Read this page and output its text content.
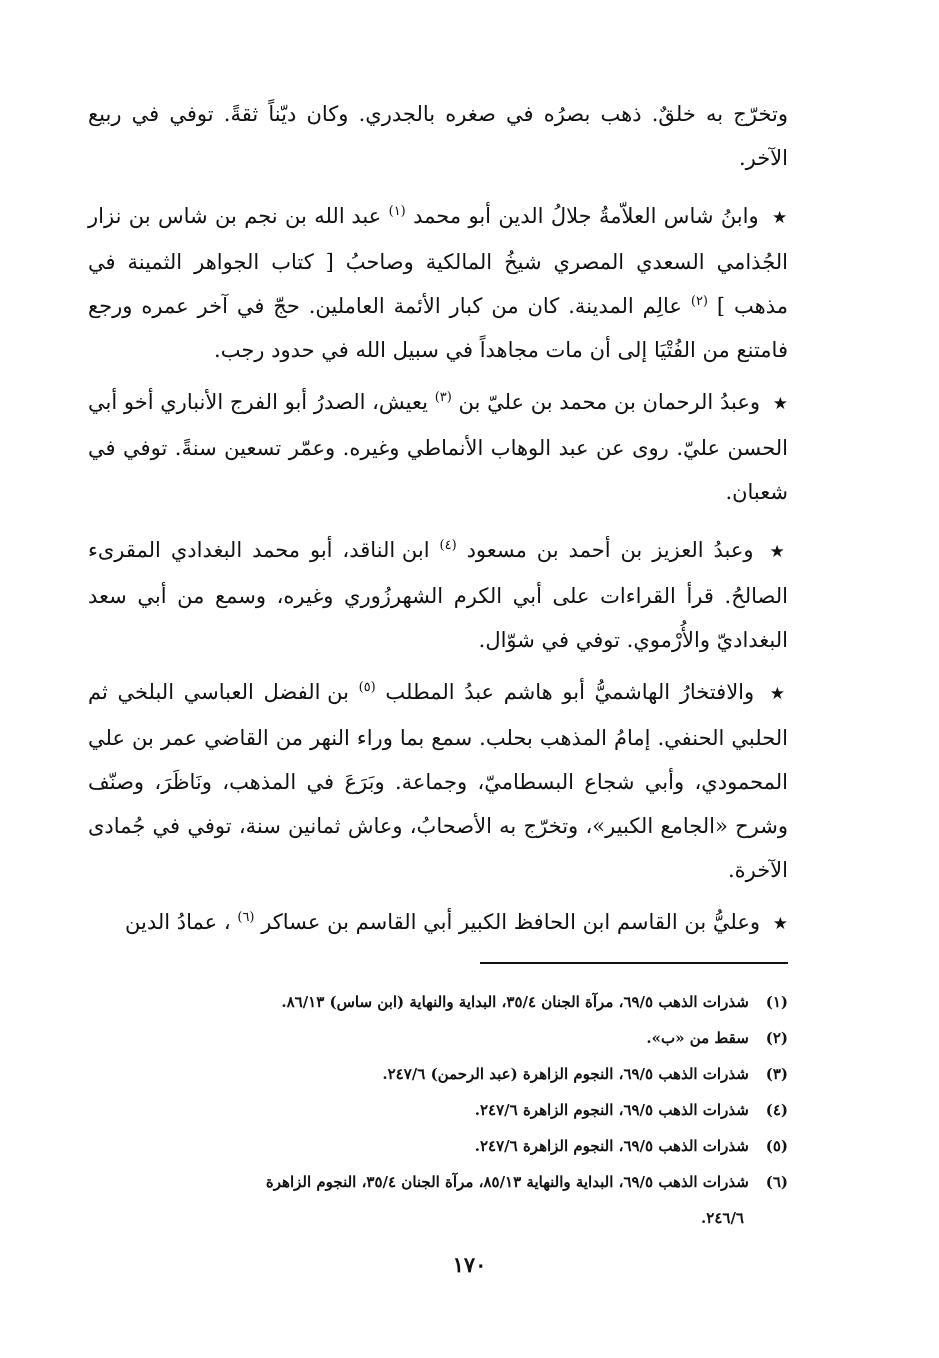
وتخرّج به خلقٌ. ذهب بصرُه في صغره بالجدري. وكان ديّناً ثقةً. توفي في ربيع الآخر.

★ وابنُ شاس العلاّمةُ جلالُ الدين أبو محمد $^{(١)}$ عبد الله بن نجم بن شاس بن نزار الجُذامي السعدي المصري شيخُ المالكية وصاحبُ [ كتاب الجواهر الثمينة في مذهب ] $^{(٢)}$ عالِم المدينة. كان من كبار الأئمة العاملين. حجّ في آخر عمره ورجع فامتنع من الفُتْيَا إلى أن مات مجاهداً في سبيل الله في حدود رجب.

★ وعبدُ الرحمان بن محمد بن عليّ بن $^{(٣)}$ يعيش، الصدرُ أبو الفرج الأنباري أخو أبي الحسن عليّ. روى عن عبد الوهاب الأنماطي وغيره. وعمّر تسعين سنةً. توفي في شعبان.

★ وعبدُ العزيز بن أحمد بن مسعود $^{(٤)}$ ابن الناقد، أبو محمد البغدادي المقرىء الصالحُ. قرأ القراءات على أبي الكرم الشهرزُوري وغيره، وسمع من أبي سعد البغداديّ والأُرْموي. توفي في شوّال.

★ والافتخارُ الهاشميُّ أبو هاشم عبدُ المطلب $^{(٥)}$ بن الفضل العباسي البلخي ثم الحلبي الحنفي. إمامُ المذهب بحلب. سمع بما وراء النهر من القاضي عمر بن علي المحمودي، وأبي شجاع البسطاميّ، وجماعة. وبَرَعَ في المذهب، ونَاظَرَ، وصنّف وشرح «الجامع الكبير»، وتخرّج به الأصحابُ، وعاش ثمانين سنة، توفي في جُمادى الآخرة.

★ وعليُّ بن القاسم ابن الحافظ الكبير أبي القاسم بن عساكر $^{(٦)}$ ، عمادُ الدين

(١) شذرات الذهب ٦٩/٥، مرآة الجنان ٣٥/٤، البداية والنهاية (ابن ساس) ٨٦/١٣.

(٢) سقط من «ب».

(٣) شذرات الذهب ٦٩/٥، النجوم الزاهرة (عبد الرحمن) ٢٤٧/٦.

(٤) شذرات الذهب ٦٩/٥، النجوم الزاهرة ٢٤٧/٦.

(٥) شذرات الذهب ٦٩/٥، النجوم الزاهرة ٢٤٧/٦.

(٦) شذرات الذهب ٦٩/٥، البداية والنهاية ٨٥/١٣، مرآة الجنان ٣٥/٤، النجوم الزاهرة
٢٤٦/٦.

١٧٠
